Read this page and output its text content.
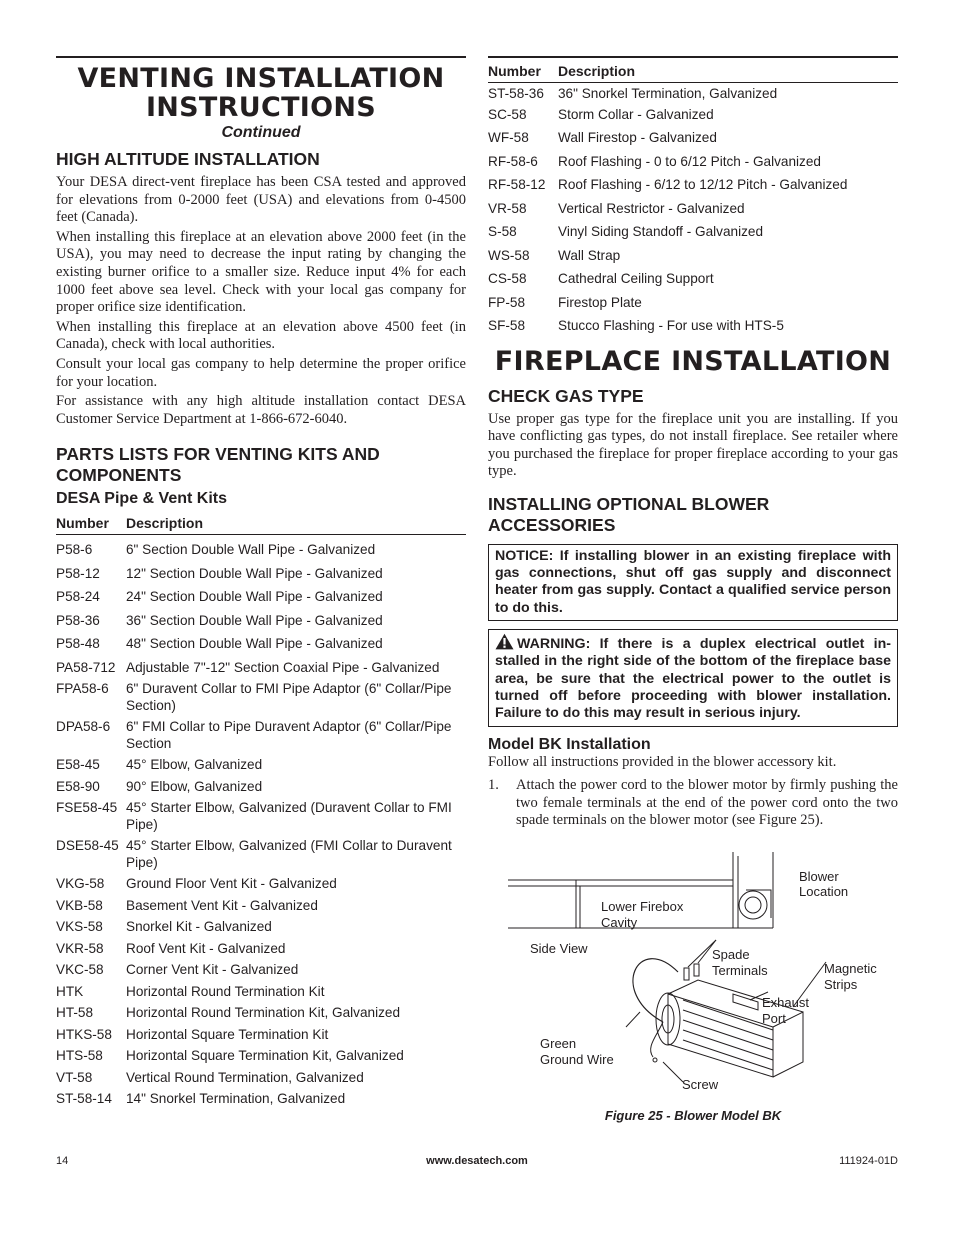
VENTING INSTALLATION
INSTRUCTIONS
Continued
HIGH ALTITUDE INSTALLATION

Your DESA direct-vent fireplace has been CSA tested and approved for elevations from 0-2000 feet (USA) and elevations from 0-4500 feet (Canada).

When installing this fireplace at an elevation above 2000 feet (in the USA), you may need to decrease the input rating by changing the existing burner orifice to a smaller size. Reduce input 4% for each 1000 feet above sea level. Check with your local gas company for proper orifice size identification.

When installing this fireplace at an elevation above 4500 feet (in Canada), check with local authorities.

Consult your local gas company to help determine the proper orifice for your location.

For assistance with any high altitude installation contact DESA Customer Service Department at 1-866-672-6040.

PARTS LISTS FOR VENTING KITS AND
COMPONENTS
DESA Pipe & Vent Kits
Number	Description
P58-6	6" Section Double Wall Pipe - Galvanized
P58-12	12" Section Double Wall Pipe - Galvanized
P58-24	24" Section Double Wall Pipe - Galvanized
P58-36	36" Section Double Wall Pipe - Galvanized
P58-48	48" Section Double Wall Pipe - Galvanized
PA58-712	Adjustable 7"-12" Section Coaxial Pipe - Galvanized
FPA58-6	6" Duravent Collar to FMI Pipe Adaptor (6" Collar/Pipe Section)
DPA58-6	6" FMI Collar to Pipe Duravent Adaptor (6" Collar/Pipe Section
E58-45	45° Elbow, Galvanized
E58-90	90° Elbow, Galvanized
FSE58-45	45° Starter Elbow, Galvanized (Duravent Collar to FMI Pipe)
DSE58-45	45° Starter Elbow, Galvanized (FMI Collar to Duravent Pipe)
VKG-58	Ground Floor Vent Kit - Galvanized
VKB-58	Basement Vent Kit - Galvanized
VKS-58	Snorkel Kit - Galvanized
VKR-58	Roof Vent Kit - Galvanized
VKC-58	Corner Vent Kit - Galvanized
HTK	Horizontal Round Termination Kit
HT-58	Horizontal Round Termination Kit, Galvanized
HTKS-58	Horizontal Square Termination Kit
HTS-58	Horizontal Square Termination Kit, Galvanized
VT-58	Vertical Round Termination, Galvanized
ST-58-14	14" Snorkel Termination, Galvanized
Number	Description
ST-58-36	36" Snorkel Termination, Galvanized
SC-58	Storm Collar - Galvanized
WF-58	Wall Firestop - Galvanized
RF-58-6	Roof Flashing - 0 to 6/12 Pitch - Galvanized
RF-58-12	Roof Flashing - 6/12 to 12/12 Pitch - Galvanized
VR-58	Vertical Restrictor - Galvanized
S-58	Vinyl Siding Standoff - Galvanized
WS-58	Wall Strap
CS-58	Cathedral Ceiling Support
FP-58	Firestop Plate
SF-58	Stucco Flashing - For use with HTS-5
FIREPLACE INSTALLATION
CHECK GAS TYPE

Use proper gas type for the fireplace unit you are installing. If you have conflicting gas types, do not install fireplace. See retailer where you purchased the fireplace for proper fireplace according to your gas type.

INSTALLING OPTIONAL BLOWER
ACCESSORIES
NOTICE: If installing blower in an existing fireplace with gas connections, shut off gas supply and disconnect heater from gas supply. Contact a qualified service person to do this.
WARNING: If there is a duplex electrical outlet in-stalled in the right side of the bottom of the fireplace base area, be sure that the electrical power to the outlet is turned off before proceeding with blower installation. Failure to do this may result in serious injury.
Model BK Installation

Follow all instructions provided in the blower accessory kit.

1.	Attach the power cord to the blower motor by firmly pushing the two female terminals at the end of the power cord onto the two spade terminals on the blower motor (see Figure 25).

Blower
Location
Lower Firebox
Cavity
Side View	Spade
Terminals	Magnetic
Strips
Exhaust
Port
Green
Ground Wire
Screw
Figure 25 - Blower Model BK
14	www.desatech.com	111924-01D
